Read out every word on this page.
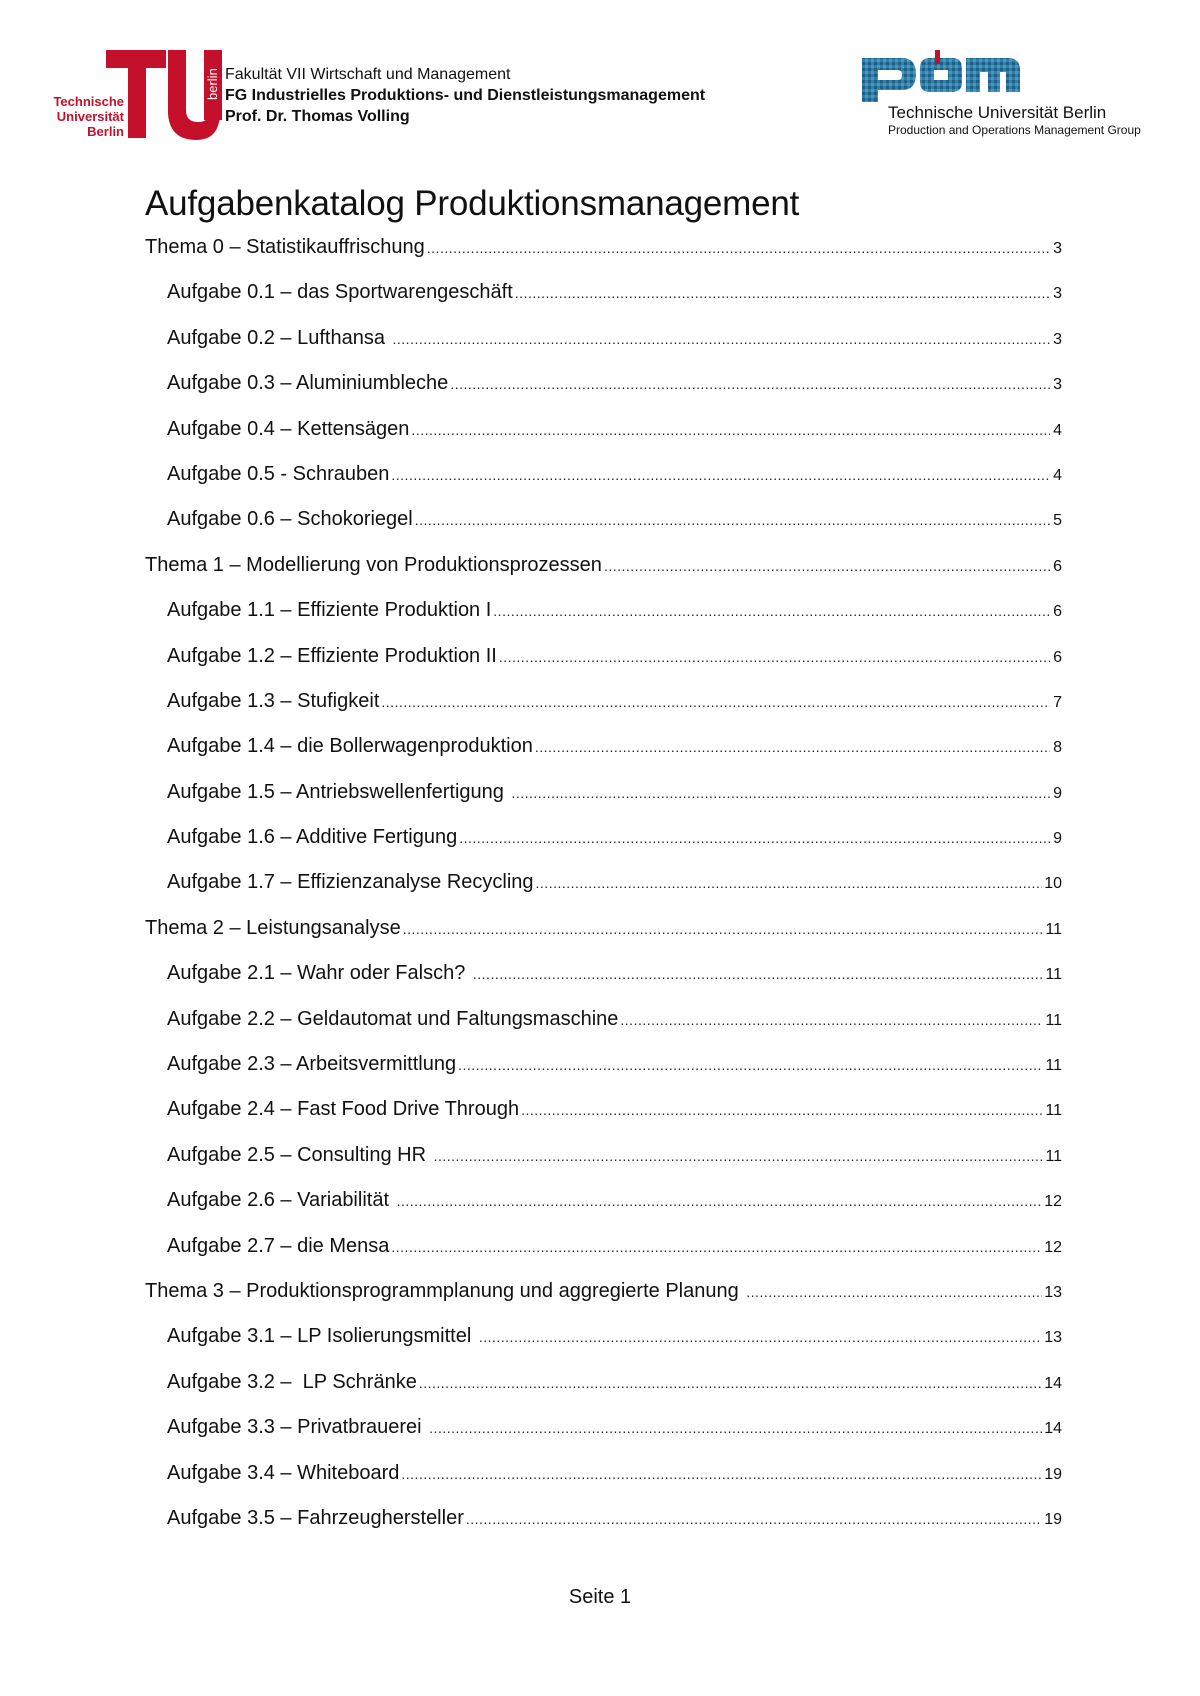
berlin
Technische
Universität
Berlin
Fakultät VII Wirtschaft und Management
FG Industrielles Produktions- und Dienstleistungsmanagement
Prof. Dr. Thomas Volling	Technische Universität Berlin
Production and Operations Management Group
Aufgabenkatalog Produktionsmanagement
Thema 0 – Statistikauffrischung .....	3
Aufgabe 0.1 – das Sportwarengeschäft .....	3
Aufgabe 0.2 – Lufthansa .....	3
Aufgabe 0.3 – Aluminiumbleche .....	3
Aufgabe 0.4 – Kettensägen .....	4
Aufgabe 0.5 - Schrauben .....	4
Aufgabe 0.6 – Schokoriegel .....	5
Thema 1 – Modellierung von Produktionsprozessen .....	6
Aufgabe 1.1 – Effiziente Produktion I .....	6
Aufgabe 1.2 – Effiziente Produktion II .....	6
Aufgabe 1.3 – Stufigkeit .....	7
Aufgabe 1.4 – die Bollerwagenproduktion .....	8
Aufgabe 1.5 – Antriebswellenfertigung .....	9
Aufgabe 1.6 – Additive Fertigung .....	9
Aufgabe 1.7 – Effizienzanalyse Recycling .....	10
Thema 2 – Leistungsanalyse .....	11
Aufgabe 2.1 – Wahr oder Falsch? .....	11
Aufgabe 2.2 – Geldautomat und Faltungsmaschine .....	11
Aufgabe 2.3 – Arbeitsvermittlung .....	11
Aufgabe 2.4 – Fast Food Drive Through .....	11
Aufgabe 2.5 – Consulting HR .....	11
Aufgabe 2.6 – Variabilität .....	12
Aufgabe 2.7 – die Mensa .....	12
Thema 3 – Produktionsprogrammplanung und aggregierte Planung .....	13
Aufgabe 3.1 – LP Isolierungsmittel .....	13
Aufgabe 3.2 –  LP Schränke .....	14
Aufgabe 3.3 – Privatbrauerei .....	14
Aufgabe 3.4 – Whiteboard .....	19
Aufgabe 3.5 – Fahrzeughersteller .....	19
Seite 1
